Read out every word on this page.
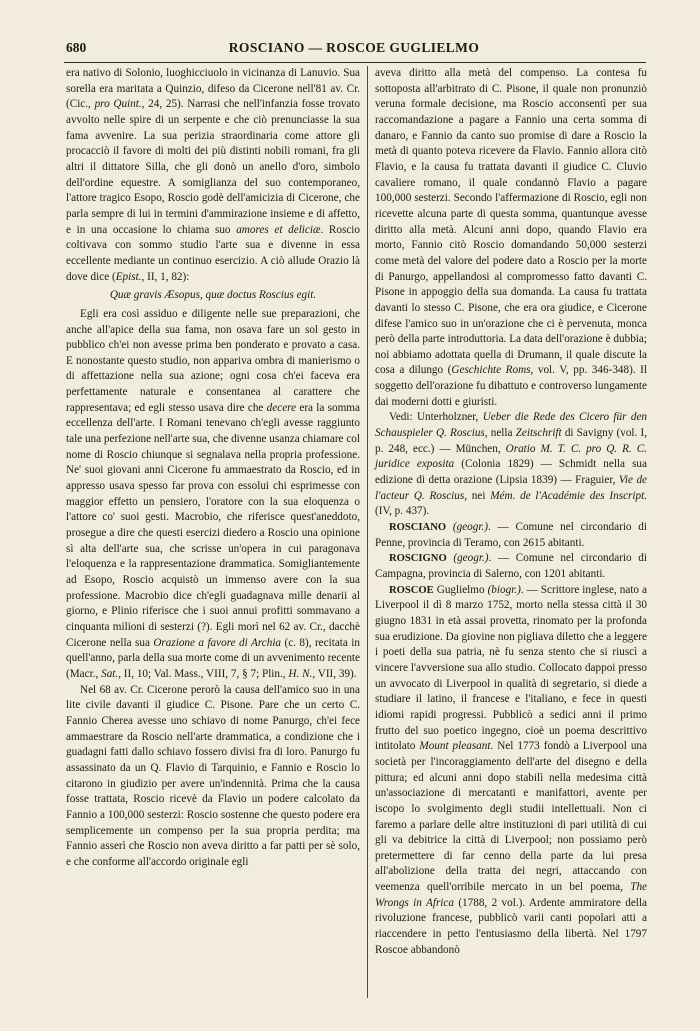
680	ROSCIANO — ROSCOE GUGLIELMO

era nativo di Solonio, luoghicciuolo in vicinanza di Lanuvio. Sua sorella era maritata a Quinzio, difeso da Cicerone nell'81 av. Cr. (Cic., pro Quint., 24, 25). Narrasi che nell'infanzia fosse trovato avvolto nelle spire di un serpente e che ciò prenunciasse la sua fama avvenire. La sua perizia straordinaria come attore gli procacciò il favore di molti dei più distinti nobili romani, fra gli altri il dittatore Silla, che gli donò un anello d'oro, simbolo dell'ordine equestre. A somiglianza del suo contemporaneo, l'attore tragico Esopo, Roscio godè dell'amicizia di Cicerone, che parla sempre di lui in termini d'ammirazione insieme e di affetto, e in una occasione lo chiama suo amores et deliciæ. Roscio coltivava con sommo studio l'arte sua e divenne in essa eccellente mediante un continuo esercizio. A ciò allude Orazio là dove dice (Epist., II, 1, 82):

Quæ gravis Æsopus, quæ doctus Roscius egit.

Egli era così assiduo e diligente nelle sue preparazioni, che anche all'apice della sua fama, non osava fare un sol gesto in pubblico ch'ei non avesse prima ben ponderato e provato a casa. E nonostante questo studio, non appariva ombra di manierismo o di affettazione nella sua azione; ogni cosa ch'ei faceva era perfettamente naturale e consentanea al carattere che rappresentava; ed egli stesso usava dire che decere era la somma eccellenza dell'arte. I Romani tenevano ch'egli avesse raggiunto tale una perfezione nell'arte sua, che divenne usanza chiamare col nome di Roscio chiunque si segnalava nella propria professione. Ne' suoi giovani anni Cicerone fu ammaestrato da Roscio, ed in appresso usava spesso far prova con essolui chi esprimesse con maggior effetto un pensiero, l'oratore con la sua eloquenza o l'attore co' suoi gesti. Macrobio, che riferisce quest'aneddoto, prosegue a dire che questi esercizi diedero a Roscio una opinione sì alta dell'arte sua, che scrisse un'opera in cui paragonava l'eloquenza e la rappresentazione drammatica. Somigliantemente ad Esopo, Roscio acquistò un immenso avere con la sua professione. Macrobio dice ch'egli guadagnava mille denarii al giorno, e Plinio riferisce che i suoi annui profitti sommavano a cinquanta milioni di sesterzi (?). Egli morì nel 62 av. Cr., dacchè Cicerone nella sua Orazione a favore di Archia (c. 8), recitata in quell'anno, parla della sua morte come di un avvenimento recente (Macr., Sat., II, 10; Val. Mass., VIII, 7, § 7; Plin., H. N., VII, 39).

Nel 68 av. Cr. Cicerone perorò la causa dell'amico suo in una lite civile davanti il giudice C. Pisone. Pare che un certo C. Fannio Cherea avesse uno schiavo di nome Panurgo, ch'ei fece ammaestrare da Roscio nell'arte drammatica, a condizione che i guadagni fatti dallo schiavo fossero divisi fra di loro. Panurgo fu assassinato da un Q. Flavio di Tarquinio, e Fannio e Roscio lo citarono in giudizio per avere un'indennità. Prima che la causa fosse trattata, Roscio ricevè da Flavio un podere calcolato da Fannio a 100,000 sesterzi: Roscio sostenne che questo podere era semplicemente un compenso per la sua propria perdita; ma Fannio asserì che Roscio non aveva diritto a far patti per sè solo, e che conforme all'accordo originale egli

aveva diritto alla metà del compenso. La contesa fu sottoposta all'arbitrato di C. Pisone, il quale non pronunziò veruna formale decisione, ma Roscio acconsentì per sua raccomandazione a pagare a Fannio una certa somma di danaro, e Fannio da canto suo promise di dare a Roscio la metà di quanto poteva ricevere da Flavio. Fannio allora citò Flavio, e la causa fu trattata davanti il giudice C. Cluvio cavaliere romano, il quale condannò Flavio a pagare 100,000 sesterzi. Secondo l'affermazione di Roscio, egli non ricevette alcuna parte di questa somma, quantunque avesse diritto alla metà. Alcuni anni dopo, quando Flavio era morto, Fannio citò Roscio domandando 50,000 sesterzi come metà del valore del podere dato a Roscio per la morte di Panurgo, appellandosi al compromesso fatto davanti C. Pisone in appoggio della sua domanda. La causa fu trattata davanti lo stesso C. Pisone, che era ora giudice, e Cicerone difese l'amico suo in un'orazione che ci è pervenuta, monca però della parte introduttoria. La data dell'orazione è dubbia; noi abbiamo adottata quella di Drumann, il quale discute la cosa a dilungo (Geschichte Roms, vol. V, pp. 346-348). Il soggetto dell'orazione fu dibattuto e controverso lungamente dai moderni dotti e giuristi.

Vedi: Unterholzner, Ueber die Rede des Cicero für den Schauspieler Q. Roscius, nella Zeitschrift di Savigny (vol. I, p. 248, ecc.) — München, Oratio M. T. C. pro Q. R. C. juridice exposita (Colonia 1829) — Schmidt nella sua edizione di detta orazione (Lipsia 1839) — Fraguier, Vie de l'acteur Q. Roscius, nei Mém. de l'Académie des Inscript. (IV, p. 437).

ROSCIANO (geogr.). — Comune nel circondario di Penne, provincia di Teramo, con 2615 abitanti.

ROSCIGNO (geogr.). — Comune nel circondario di Campagna, provincia di Salerno, con 1201 abitanti.

ROSCOE Guglielmo (biogr.). — Scrittore inglese, nato a Liverpool il dì 8 marzo 1752, morto nella stessa città il 30 giugno 1831 in età assai provetta, rinomato per la profonda sua erudizione. Da giovine non pigliava diletto che a leggere i poeti della sua patria, nè fu senza stento che si riuscì a vincere l'avversione sua allo studio. Collocato dappoi presso un avvocato di Liverpool in qualità di segretario, si diede a studiare il latino, il francese e l'italiano, e fece in questi idiomi rapidi progressi. Pubblicò a sedici anni il primo frutto del suo poetico ingegno, cioè un poema descrittivo intitolato Mount pleasant. Nel 1773 fondò a Liverpool una società per l'incoraggiamento dell'arte del disegno e della pittura; ed alcuni anni dopo stabilì nella medesima città un'associazione di mercatanti e manifattori, avente per iscopo lo svolgimento degli studii intellettuali. Non ci faremo a parlare delle altre instituzioni di pari utilità di cui gli va debitrice la città di Liverpool; non possiamo però pretermettere di far cenno della parte da lui presa all'abolizione della tratta dei negri, attaccando con veemenza quell'orribile mercato in un bel poema, The Wrongs in Africa (1788, 2 vol.). Ardente ammiratore della rivoluzione francese, pubblicò varii canti popolari atti a riaccendere in petto l'entusiasmo della libertà. Nel 1797 Roscoe abbandonò
